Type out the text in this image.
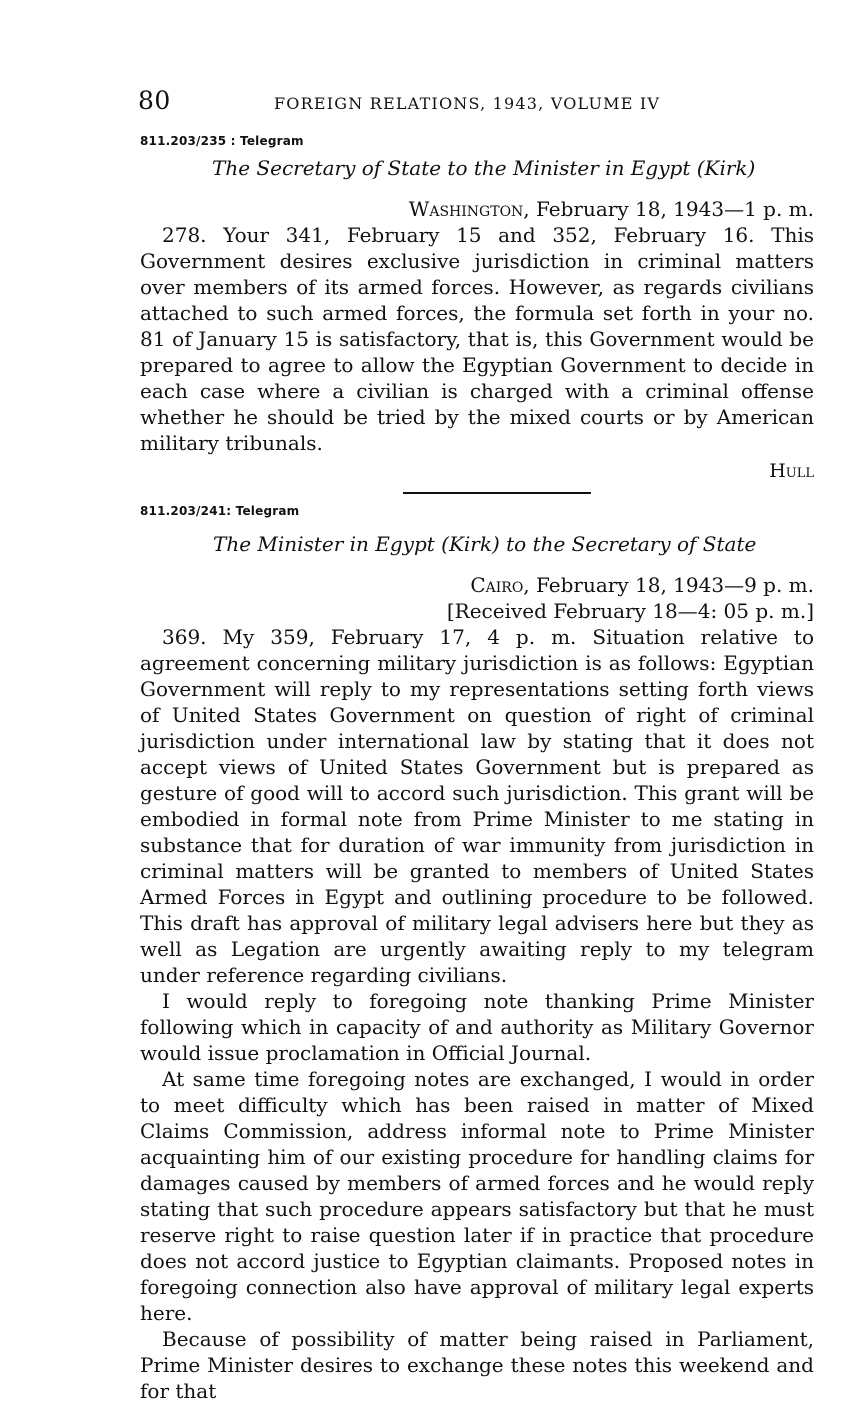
80	FOREIGN RELATIONS, 1943, VOLUME IV
811.203/235 : Telegram
The Secretary of State to the Minister in Egypt (Kirk)
Washington, February 18, 1943—1 p. m.

278. Your 341, February 15 and 352, February 16. This Government desires exclusive jurisdiction in criminal matters over members of its armed forces. However, as regards civilians attached to such armed forces, the formula set forth in your no. 81 of January 15 is satisfactory, that is, this Government would be prepared to agree to allow the Egyptian Government to decide in each case where a civilian is charged with a criminal offense whether he should be tried by the mixed courts or by American military tribunals.

Hull
811.203/241: Telegram
The Minister in Egypt (Kirk) to the Secretary of State
Cairo, February 18, 1943—9 p. m.
[Received February 18—4: 05 p. m.]

369. My 359, February 17, 4 p. m. Situation relative to agreement concerning military jurisdiction is as follows: Egyptian Government will reply to my representations setting forth views of United States Government on question of right of criminal jurisdiction under international law by stating that it does not accept views of United States Government but is prepared as gesture of good will to accord such jurisdiction. This grant will be embodied in formal note from Prime Minister to me stating in substance that for duration of war immunity from jurisdiction in criminal matters will be granted to members of United States Armed Forces in Egypt and outlining procedure to be followed. This draft has approval of military legal advisers here but they as well as Legation are urgently awaiting reply to my telegram under reference regarding civilians.

I would reply to foregoing note thanking Prime Minister following which in capacity of and authority as Military Governor would issue proclamation in Official Journal.

At same time foregoing notes are exchanged, I would in order to meet difficulty which has been raised in matter of Mixed Claims Commission, address informal note to Prime Minister acquainting him of our existing procedure for handling claims for damages caused by members of armed forces and he would reply stating that such procedure appears satisfactory but that he must reserve right to raise question later if in practice that procedure does not accord justice to Egyptian claimants. Proposed notes in foregoing connection also have approval of military legal experts here.

Because of possibility of matter being raised in Parliament, Prime Minister desires to exchange these notes this weekend and for that
